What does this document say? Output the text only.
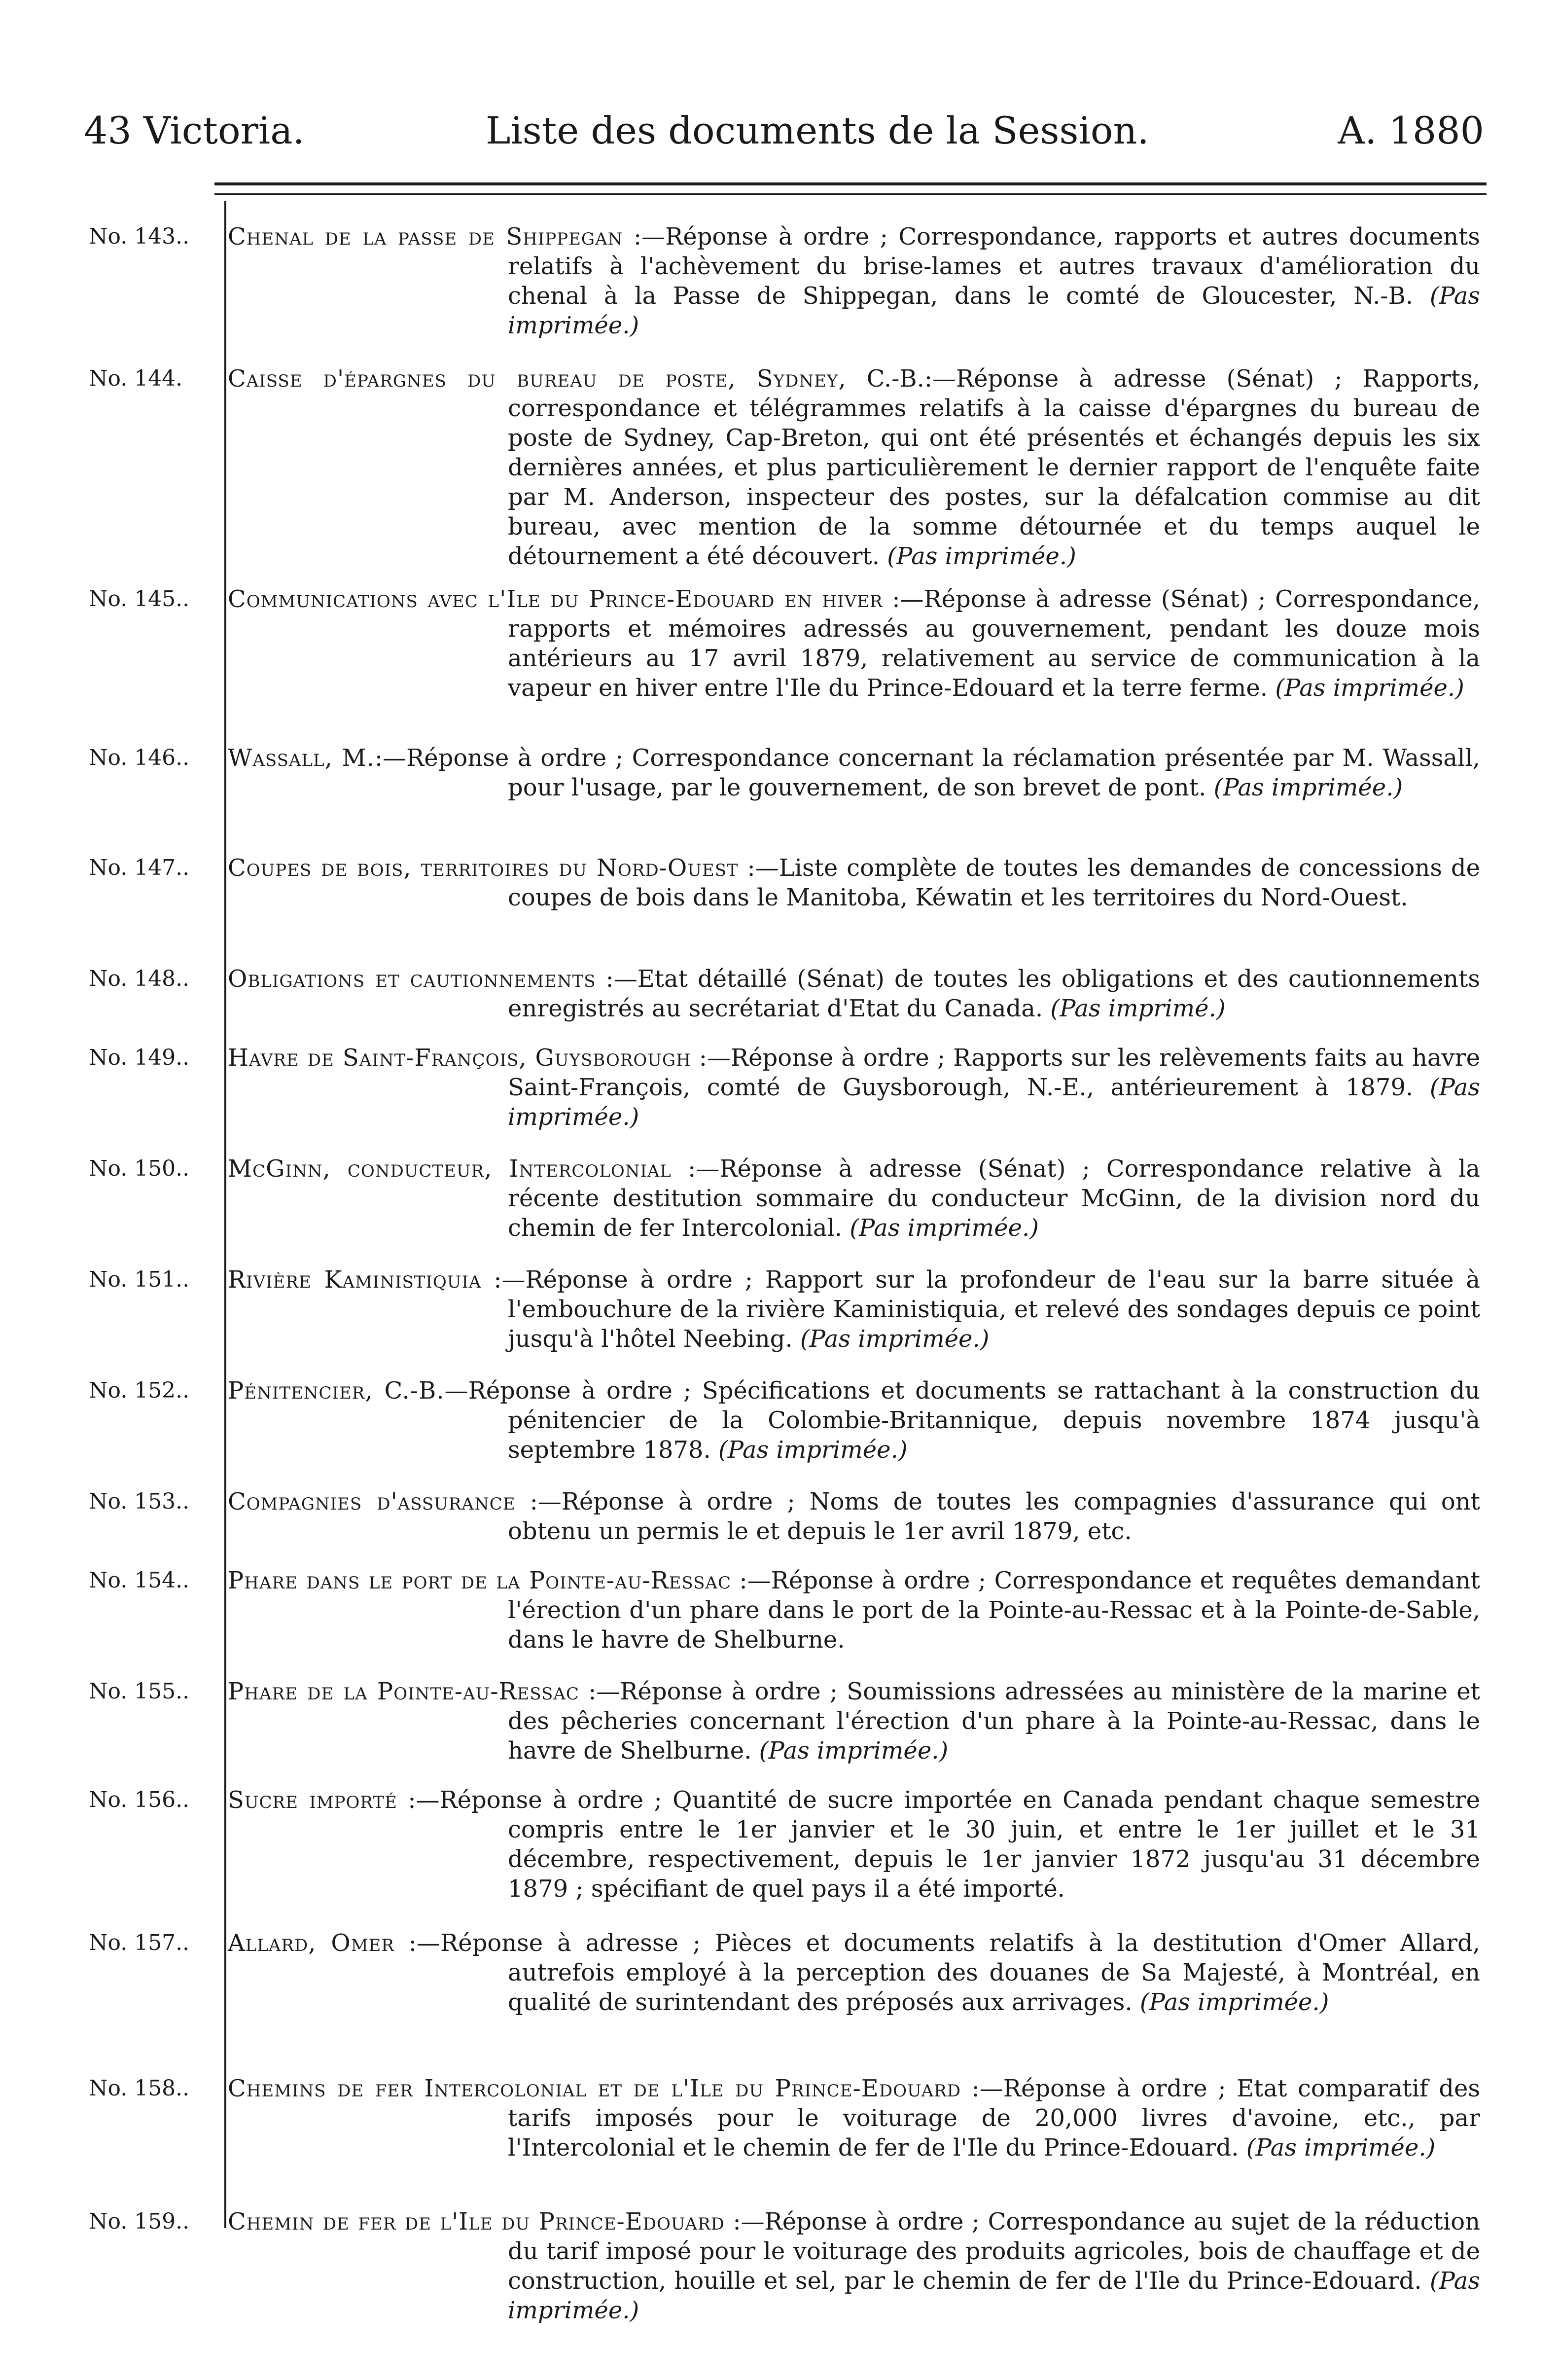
43 Victoria.	Liste des documents de la Session.	A. 1880
No. 143.. Chenal de la passe de Shippegan :—Réponse à ordre ; Correspondance, rapports et autres documents relatifs à l'achèvement du brise-lames et autres travaux d'amélioration du chenal à la Passe de Shippegan, dans le comté de Gloucester, N.-B. (Pas imprimée.)
No. 144. Caisse d'épargnes du bureau de poste, Sydney, C.-B.:—Réponse à adresse (Sénat) ; Rapports, correspondance et télégrammes relatifs à la caisse d'épargnes du bureau de poste de Sydney, Cap-Breton, qui ont été présentés et échangés depuis les six dernières années, et plus particulièrement le dernier rapport de l'enquête faite par M. Anderson, inspecteur des postes, sur la défalcation commise au dit bureau, avec mention de la somme détournée et du temps auquel le détournement a été découvert. (Pas imprimée.)
No. 145.. Communications avec l'Ile du Prince-Edouard en hiver :—Réponse à adresse (Sénat) ; Correspondance, rapports et mémoires adressés au gouvernement, pendant les douze mois antérieurs au 17 avril 1879, relativement au service de communication à la vapeur en hiver entre l'Ile du Prince-Edouard et la terre ferme. (Pas imprimée.)
No. 146.. Wassall, M.:—Réponse à ordre ; Correspondance concernant la réclamation présentée par M. Wassall, pour l'usage, par le gouvernement, de son brevet de pont. (Pas imprimée.)
No. 147.. Coupes de bois, territoires du Nord-Ouest :—Liste complète de toutes les demandes de concessions de coupes de bois dans le Manitoba, Kéwatin et les territoires du Nord-Ouest.
No. 148.. Obligations et cautionnements :—Etat détaillé (Sénat) de toutes les obligations et des cautionnements enregistrés au secrétariat d'Etat du Canada. (Pas imprimé.)
No. 149.. Havre de Saint-François, Guysborough :—Réponse à ordre ; Rapports sur les relèvements faits au havre Saint-François, comté de Guysborough, N.-E., antérieurement à 1879. (Pas imprimée.)
No. 150.. McGinn, conducteur, Intercolonial :—Réponse à adresse (Sénat) ; Correspondance relative à la récente destitution sommaire du conducteur McGinn, de la division nord du chemin de fer Intercolonial. (Pas imprimée.)
No. 151.. Rivière Kaministiquia :—Réponse à ordre ; Rapport sur la profondeur de l'eau sur la barre située à l'embouchure de la rivière Kaministiquia, et relevé des sondages depuis ce point jusqu'à l'hôtel Neebing. (Pas imprimée.)
No. 152.. Pénitencier, C.-B.—Réponse à ordre ; Spécifications et documents se rattachant à la construction du pénitencier de la Colombie-Britannique, depuis novembre 1874 jusqu'à septembre 1878. (Pas imprimée.)
No. 153.. Compagnies d'assurance :—Réponse à ordre ; Noms de toutes les compagnies d'assurance qui ont obtenu un permis le et depuis le 1er avril 1879, etc.
No. 154.. Phare dans le port de la Pointe-au-Ressac :—Réponse à ordre ; Correspondance et requêtes demandant l'érection d'un phare dans le port de la Pointe-au-Ressac et à la Pointe-de-Sable, dans le havre de Shelburne.
No. 155.. Phare de la Pointe-au-Ressac :—Réponse à ordre ; Soumissions adressées au ministère de la marine et des pêcheries concernant l'érection d'un phare à la Pointe-au-Ressac, dans le havre de Shelburne. (Pas imprimée.)
No. 156.. Sucre importé :—Réponse à ordre ; Quantité de sucre importée en Canada pendant chaque semestre compris entre le 1er janvier et le 30 juin, et entre le 1er juillet et le 31 décembre, respectivement, depuis le 1er janvier 1872 jusqu'au 31 décembre 1879 ; spécifiant de quel pays il a été importé.
No. 157.. Allard, Omer :—Réponse à adresse ; Pièces et documents relatifs à la destitution d'Omer Allard, autrefois employé à la perception des douanes de Sa Majesté, à Montréal, en qualité de surintendant des préposés aux arrivages. (Pas imprimée.)
No. 158.. Chemins de fer Intercolonial et de l'Ile du Prince-Edouard :—Réponse à ordre ; Etat comparatif des tarifs imposés pour le voiturage de 20,000 livres d'avoine, etc., par l'Intercolonial et le chemin de fer de l'Ile du Prince-Edouard. (Pas imprimée.)
No. 159.. Chemin de fer de l'Ile du Prince-Edouard :—Réponse à ordre ; Correspondance au sujet de la réduction du tarif imposé pour le voiturage des produits agricoles, bois de chauffage et de construction, houille et sel, par le chemin de fer de l'Ile du Prince-Edouard. (Pas imprimée.)
